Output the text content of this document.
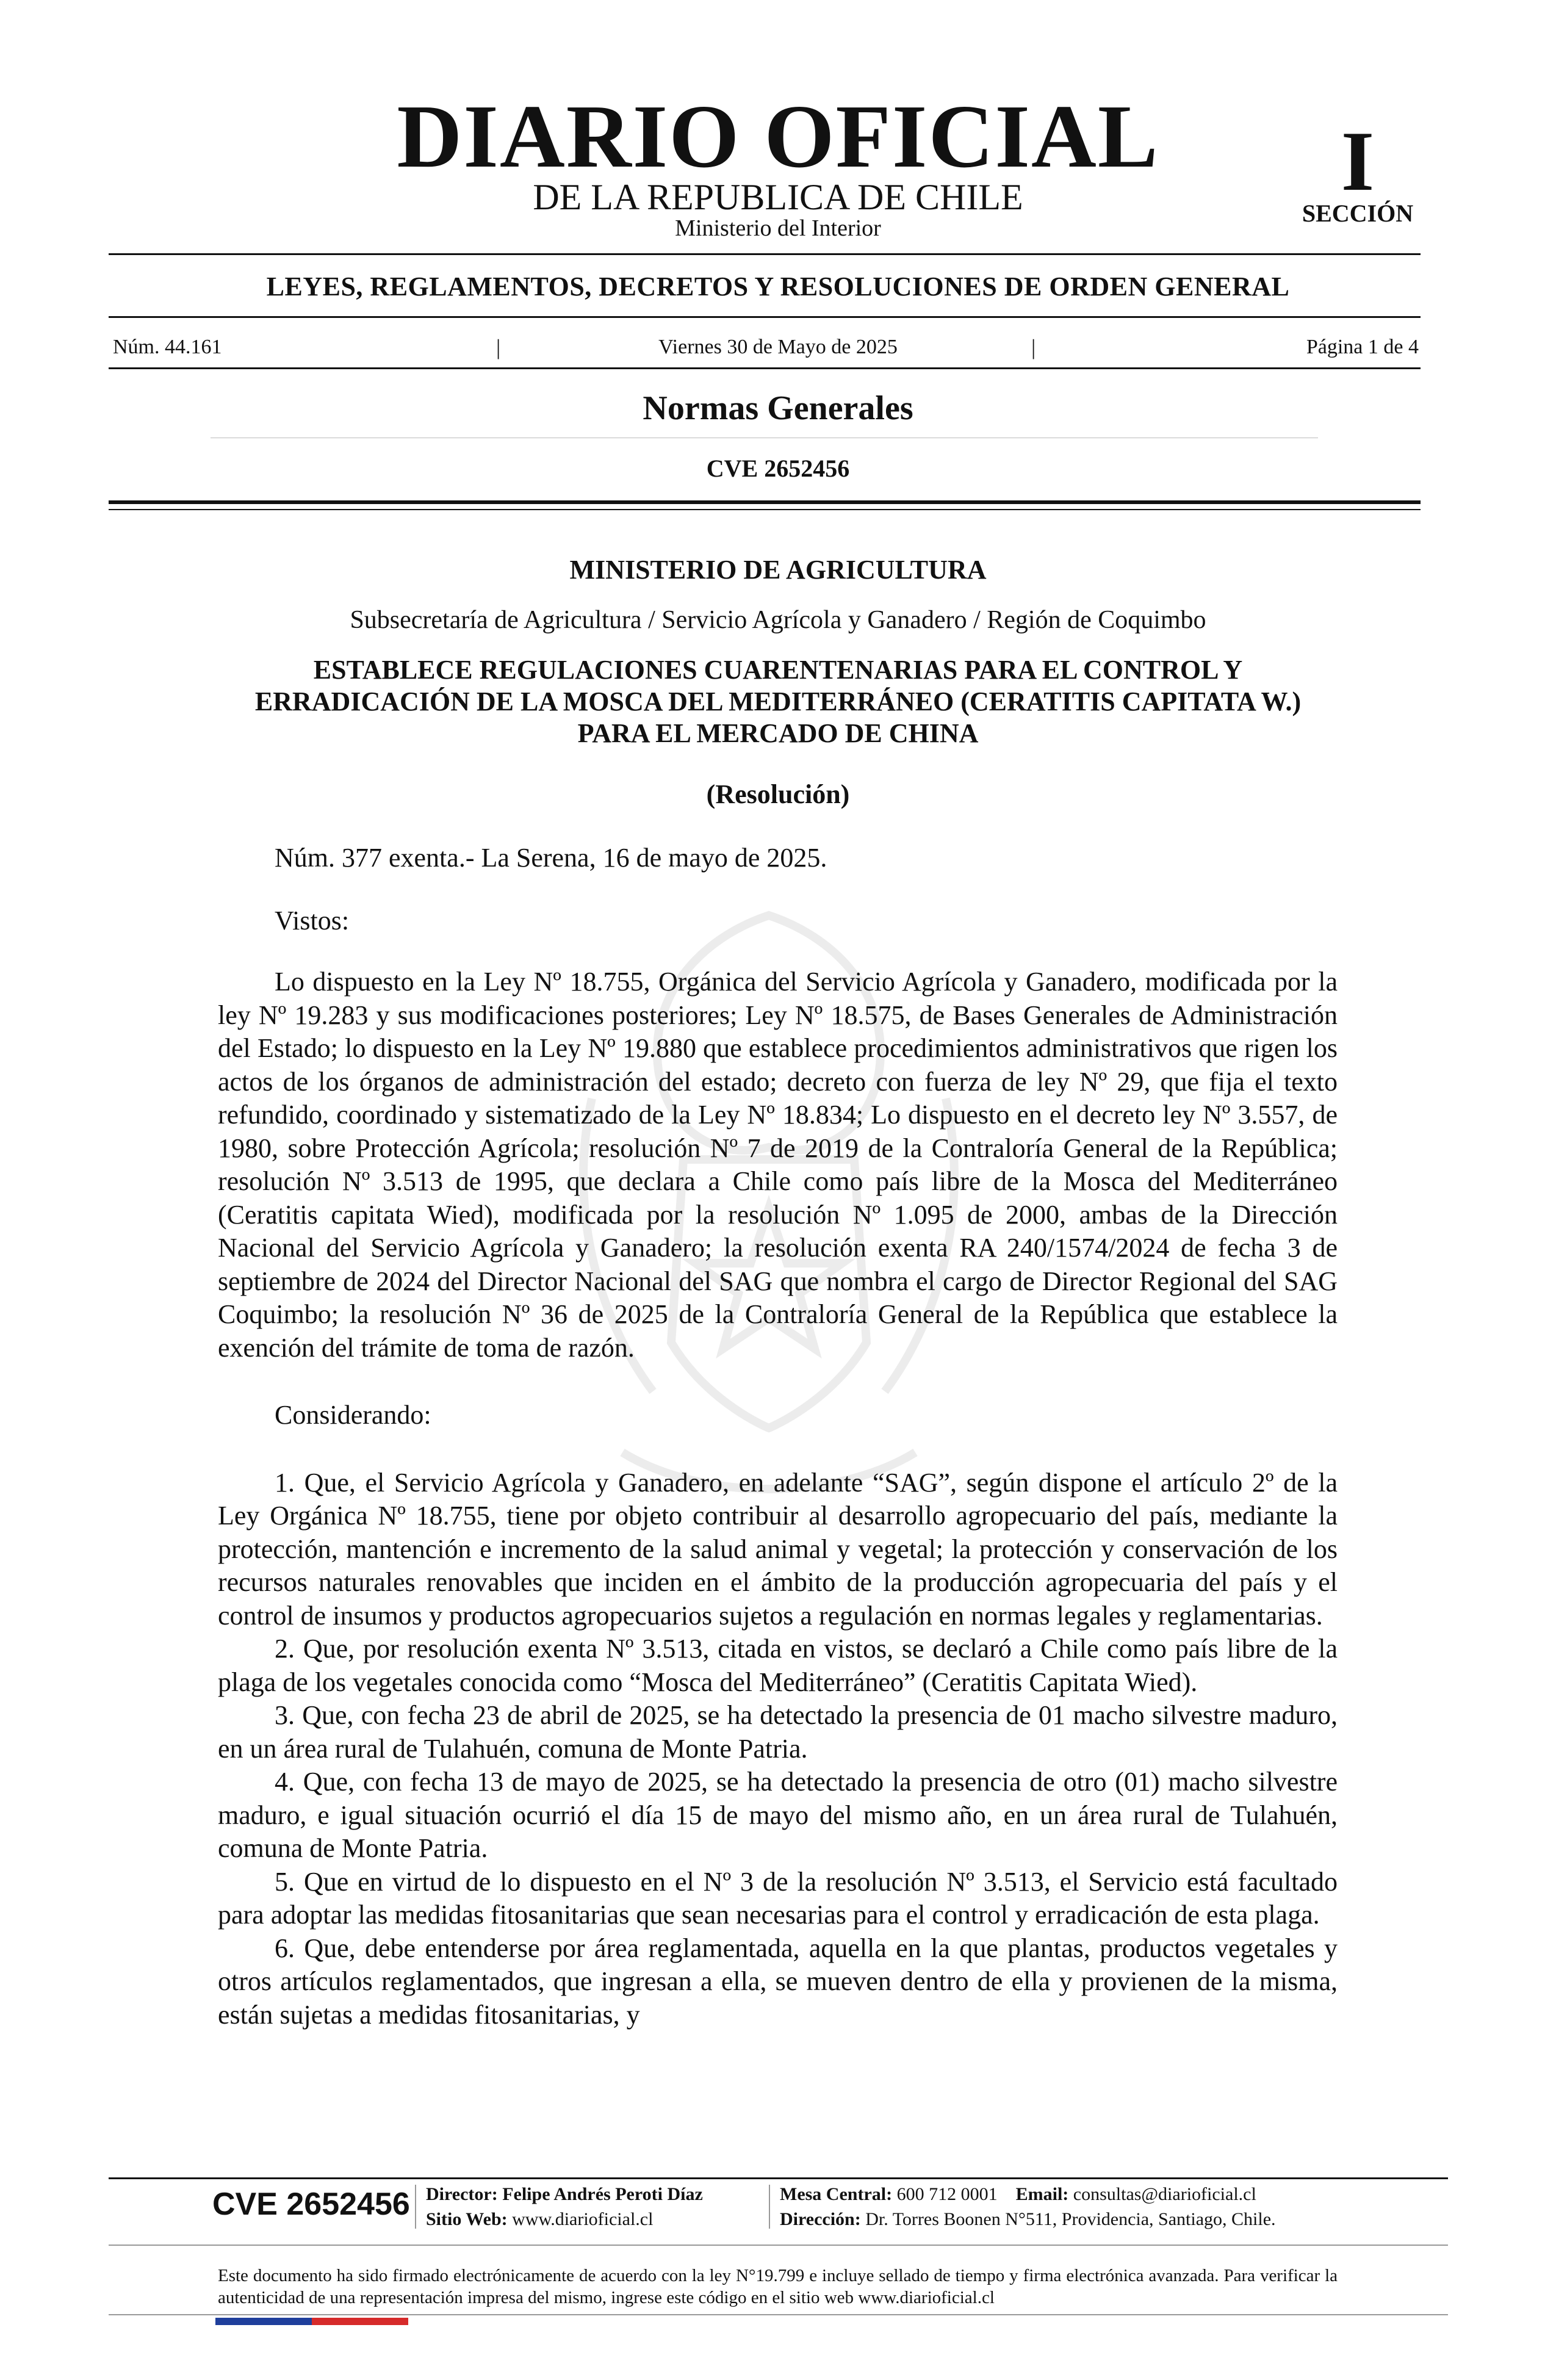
DIARIO OFICIAL
DE LA REPUBLICA DE CHILE
Ministerio del Interior
I
SECCIÓN
LEYES, REGLAMENTOS, DECRETOS Y RESOLUCIONES DE ORDEN GENERAL
Núm. 44.161	|	Viernes 30 de Mayo de 2025	|	Página 1 de 4
Normas Generales
CVE 2652456
MINISTERIO DE AGRICULTURA
Subsecretaría de Agricultura / Servicio Agrícola y Ganadero / Región de Coquimbo
ESTABLECE REGULACIONES CUARENTENARIAS PARA EL CONTROL Y ERRADICACIÓN DE LA MOSCA DEL MEDITERRÁNEO (CERATITIS CAPITATA W.) PARA EL MERCADO DE CHINA
(Resolución)
Núm. 377 exenta.- La Serena, 16 de mayo de 2025.
Vistos:

Lo dispuesto en la Ley Nº 18.755, Orgánica del Servicio Agrícola y Ganadero, modificada por la ley Nº 19.283 y sus modificaciones posteriores; Ley Nº 18.575, de Bases Generales de Administración del Estado; lo dispuesto en la Ley Nº 19.880 que establece procedimientos administrativos que rigen los actos de los órganos de administración del estado; decreto con fuerza de ley Nº 29, que fija el texto refundido, coordinado y sistematizado de la Ley Nº 18.834; Lo dispuesto en el decreto ley Nº 3.557, de 1980, sobre Protección Agrícola; resolución Nº 7 de 2019 de la Contraloría General de la República; resolución Nº 3.513 de 1995, que declara a Chile como país libre de la Mosca del Mediterráneo (Ceratitis capitata Wied), modificada por la resolución Nº 1.095 de 2000, ambas de la Dirección Nacional del Servicio Agrícola y Ganadero; la resolución exenta RA 240/1574/2024 de fecha 3 de septiembre de 2024 del Director Nacional del SAG que nombra el cargo de Director Regional del SAG Coquimbo; la resolución Nº 36 de 2025 de la Contraloría General de la República que establece la exención del trámite de toma de razón.

Considerando:

1. Que, el Servicio Agrícola y Ganadero, en adelante “SAG”, según dispone el artículo 2º de la Ley Orgánica Nº 18.755, tiene por objeto contribuir al desarrollo agropecuario del país, mediante la protección, mantención e incremento de la salud animal y vegetal; la protección y conservación de los recursos naturales renovables que inciden en el ámbito de la producción agropecuaria del país y el control de insumos y productos agropecuarios sujetos a regulación en normas legales y reglamentarias.

2. Que, por resolución exenta Nº 3.513, citada en vistos, se declaró a Chile como país libre de la plaga de los vegetales conocida como “Mosca del Mediterráneo” (Ceratitis Capitata Wied).

3. Que, con fecha 23 de abril de 2025, se ha detectado la presencia de 01 macho silvestre maduro, en un área rural de Tulahuén, comuna de Monte Patria.

4. Que, con fecha 13 de mayo de 2025, se ha detectado la presencia de otro (01) macho silvestre maduro, e igual situación ocurrió el día 15 de mayo del mismo año, en un área rural de Tulahuén, comuna de Monte Patria.

5. Que en virtud de lo dispuesto en el Nº 3 de la resolución Nº 3.513, el Servicio está facultado para adoptar las medidas fitosanitarias que sean necesarias para el control y erradicación de esta plaga.

6. Que, debe entenderse por área reglamentada, aquella en la que plantas, productos vegetales y otros artículos reglamentados, que ingresan a ella, se mueven dentro de ella y provienen de la misma, están sujetas a medidas fitosanitarias, y

CVE 2652456 Director: Felipe Andrés Peroti Díaz
Sitio Web: www.diarioficial.cl
Mesa Central: 600 712 0001 Email: consultas@diarioficial.cl
Dirección: Dr. Torres Boonen N°511, Providencia, Santiago, Chile.
Este documento ha sido firmado electrónicamente de acuerdo con la ley N°19.799 e incluye sellado de tiempo y firma electrónica avanzada. Para verificar la autenticidad de una representación impresa del mismo, ingrese este código en el sitio web www.diarioficial.cl
